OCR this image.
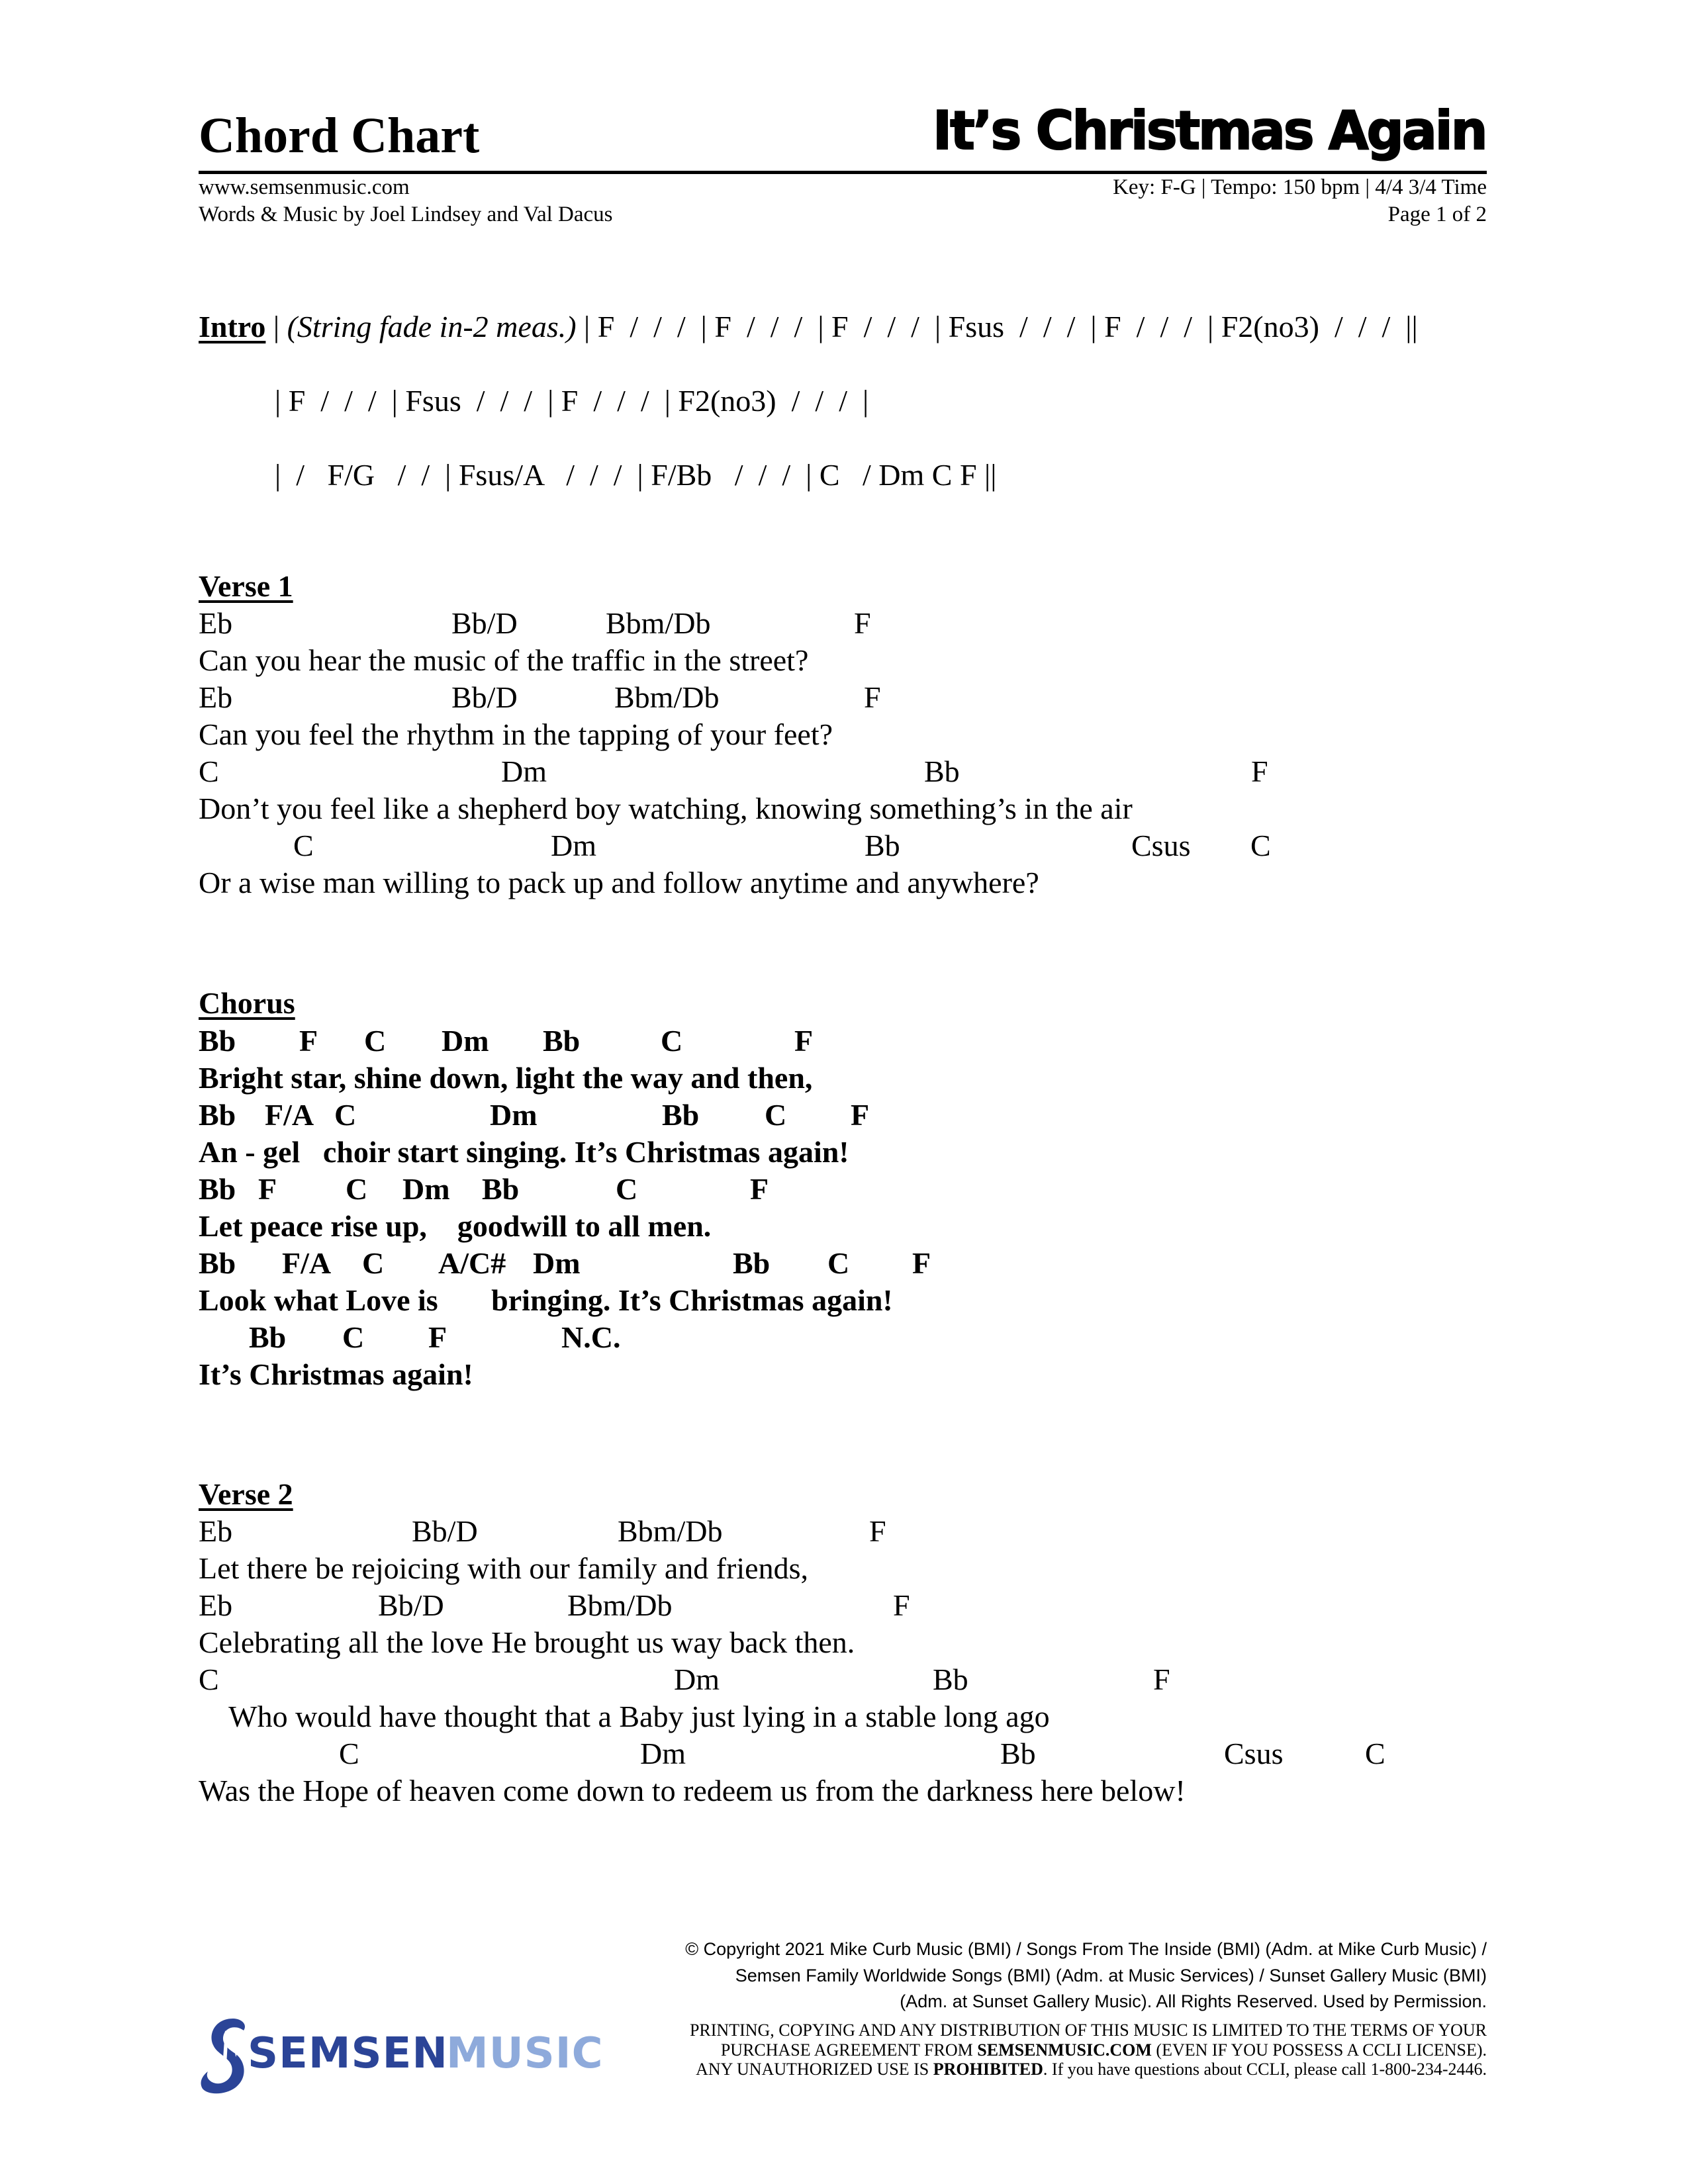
Chord Chart	It’s Christmas Again
www.semsenmusic.com
Words & Music by Joel Lindsey and Val Dacus
Key: F-G | Tempo: 150 bpm | 4/4 3/4 Time
Page 1 of 2
Intro | (String fade in-2 meas.) | F  /  /  /  | F  /  /  /  | F  /  /  /  | Fsus  /  /  /  | F  /  /  /  | F2(no3)  /  /  /  ||
| F  /  /  /  | Fsus  /  /  /  | F  /  /  /  | F2(no3)  /  /  /  |
|  /   F/G   /  /  | Fsus/A   /  /  /  | F/Bb   /  /  /  | C   / Dm C F ||
Verse 1
Eb	Bb/D	Bbm/Db	F
Can you hear the music of the traffic in the street?
Eb	Bb/D	Bbm/Db	F
Can you feel the rhythm in the tapping of your feet?
C	Dm	Bb	F
Don’t you feel like a shepherd boy watching, knowing something’s in the air
C	Dm	Bb	Csus C
Or a wise man willing to pack up and follow anytime and anywhere?
Chorus
Bb F C Dm Bb	C	F
Bright star, shine down, light the way and then,
Bb F/A C	Dm	Bb C F
An - gel   choir start singing. It’s Christmas again!
Bb F C Dm Bb	C	F
Let peace rise up,    goodwill to all men.
Bb F/A C A/C# Dm	Bb C F
Look what Love is       bringing. It’s Christmas again!
Bb C F	N.C.
It’s Christmas again!
Verse 2
Eb	Bb/D	Bbm/Db	F
Let there be rejoicing with our family and friends,
Eb	Bb/D	Bbm/Db	F
Celebrating all the love He brought us way back then.
C	Dm	Bb	F
Who would have thought that a Baby just lying in a stable long ago
C	Dm	Bb	Csus	C
Was the Hope of heaven come down to redeem us from the darkness here below!
© Copyright 2021 Mike Curb Music (BMI) / Songs From The Inside (BMI) (Adm. at Mike Curb Music) /
Semsen Family Worldwide Songs (BMI) (Adm. at Music Services) / Sunset Gallery Music (BMI)
(Adm. at Sunset Gallery Music). All Rights Reserved. Used by Permission.
PRINTING, COPYING AND ANY DISTRIBUTION OF THIS MUSIC IS LIMITED TO THE TERMS OF YOUR
PURCHASE AGREEMENT FROM SEMSENMUSIC.COM (EVEN IF YOU POSSESS A CCLI LICENSE).
ANY UNAUTHORIZED USE IS PROHIBITED. If you have questions about CCLI, please call 1-800-234-2446.

SEMSEN

MUSIC
